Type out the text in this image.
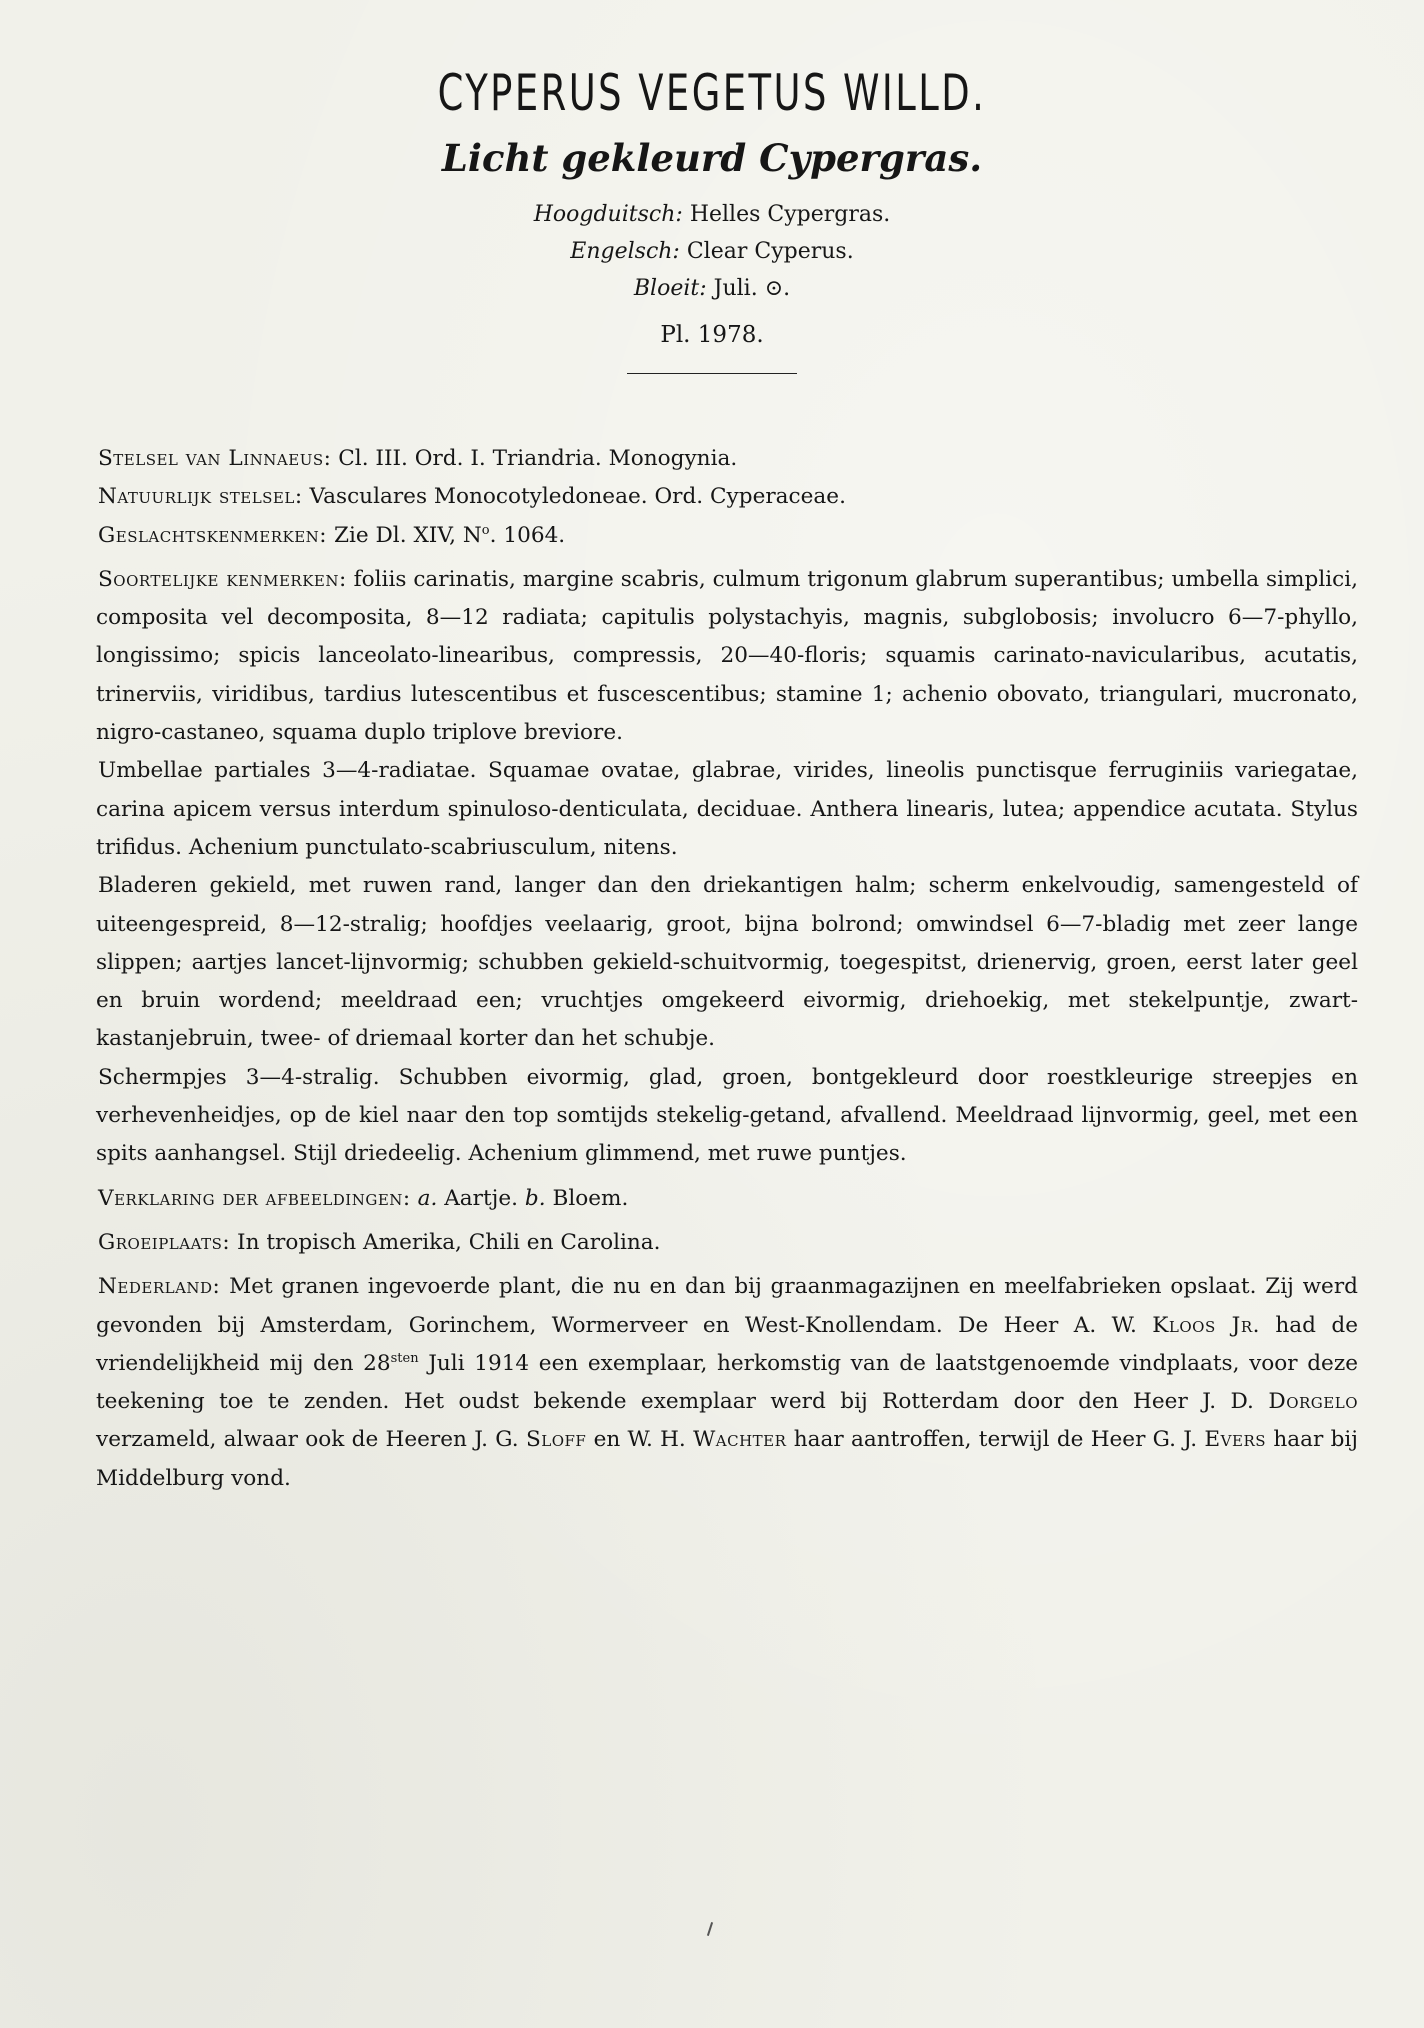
CYPERUS VEGETUS WILLD.
Licht gekleurd Cypergras.
Hoogduitsch: Helles Cypergras.
Engelsch: Clear Cyperus.
Bloeit: Juli. ⊙.
Pl. 1978.

Stelsel van Linnaeus: Cl. III. Ord. I. Triandria. Monogynia.

Natuurlijk stelsel: Vasculares Monocotyledoneae. Ord. Cyperaceae.

Geslachtskenmerken: Zie Dl. XIV, $N^o$. 1064.

Soortelijke kenmerken: foliis carinatis, margine scabris, culmum trigonum glabrum superantibus; umbella simplici, composita vel decomposita, 8—12 radiata; capitulis polystachyis, magnis, subglobosis; involucro 6—7-phyllo, longissimo; spicis lanceolato-linearibus, compressis, 20—40-floris; squamis carinato-navicularibus, acutatis, trinerviis, viridibus, tardius lutescentibus et fuscescentibus; stamine 1; achenio obovato, triangulari, mucronato, nigro-castaneo, squama duplo triplove breviore.

Umbellae partiales 3—4-radiatae. Squamae ovatae, glabrae, virides, lineolis punctisque ferruginiis variegatae, carina apicem versus interdum spinuloso-denticulata, deciduae. Anthera linearis, lutea; appendice acutata. Stylus trifidus. Achenium punctulato-scabriusculum, nitens.

Bladeren gekield, met ruwen rand, langer dan den driekantigen halm; scherm enkelvoudig, samengesteld of uiteengespreid, 8—12-stralig; hoofdjes veelaarig, groot, bijna bolrond; omwindsel 6—7-bladig met zeer lange slippen; aartjes lancet-lijnvormig; schubben gekield-schuitvormig, toegespitst, drienervig, groen, eerst later geel en bruin wordend; meeldraad een; vruchtjes omgekeerd eivormig, driehoekig, met stekelpuntje, zwart-kastanjebruin, twee- of driemaal korter dan het schubje.

Schermpjes 3—4-stralig. Schubben eivormig, glad, groen, bontgekleurd door roestkleurige streepjes en verhevenheidjes, op de kiel naar den top somtijds stekelig-getand, afvallend. Meeldraad lijnvormig, geel, met een spits aanhangsel. Stijl driedeelig. Achenium glimmend, met ruwe puntjes.

Verklaring der afbeeldingen: a. Aartje. b. Bloem.

Groeiplaats: In tropisch Amerika, Chili en Carolina.

Nederland: Met granen ingevoerde plant, die nu en dan bij graanmagazijnen en meelfabrieken opslaat. Zij werd gevonden bij Amsterdam, Gorinchem, Wormerveer en West-Knollendam. De Heer A. W. Kloos Jr. had de vriendelijkheid mij den $28^{sten}$ Juli 1914 een exemplaar, herkomstig van de laatstgenoemde vindplaats, voor deze teekening toe te zenden. Het oudst bekende exemplaar werd bij Rotterdam door den Heer J. D. Dorgelo verzameld, alwaar ook de Heeren J. G. Sloff en W. H. Wachter haar aantroffen, terwijl de Heer G. J. Evers haar bij Middelburg vond.
